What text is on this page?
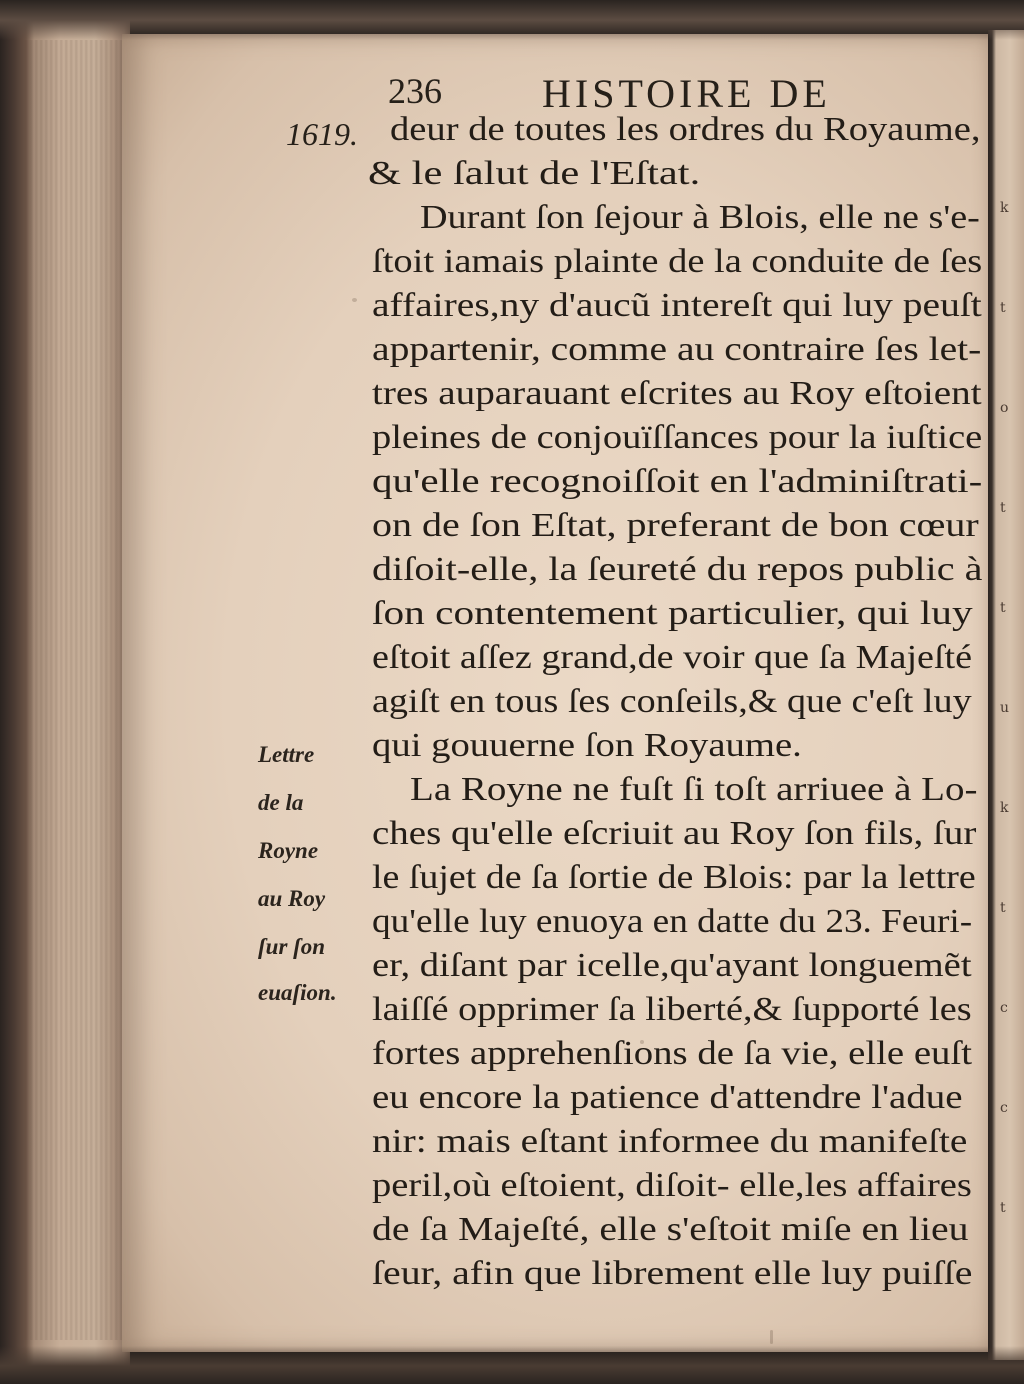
236	HISTOIRE DE
1619. deur de toutes les ordres du Royaume,
& le ſalut de l'Eſtat.
Durant ſon ſejour à Blois, elle ne s'e-
ſtoit iamais plainte de la conduite de ſes
affaires,ny d'aucũ intereſt qui luy peuſt
appartenir, comme au contraire ſes let-
tres auparauant eſcrites au Roy eſtoient
pleines de conjouïſſances pour la iuſtice
qu'elle recognoiſſoit en l'adminiſtrati-
on de ſon Eſtat, preferant de bon cœur
diſoit-elle, la ſeureté du repos public à
ſon contentement particulier, qui luy
eſtoit aſſez grand,de voir que ſa Majeſté
agiſt en tous ſes conſeils,& que c'eſt luy
qui gouuerne ſon Royaume.
La Royne ne fuſt ſi toſt arriuee à Lo-
ches qu'elle eſcriuit au Roy ſon fils, ſur
le ſujet de ſa ſortie de Blois: par la lettre
qu'elle luy enuoya en datte du 23. Feuri-
er, diſant par icelle,qu'ayant longuemẽt
laiſſé opprimer ſa liberté,& ſupporté les
fortes apprehenſions de ſa vie, elle euſt
eu encore la patience d'attendre l'adue
nir: mais eſtant informee du manifeſte
peril,où eſtoient, diſoit- elle,les affaires
de ſa Majeſté, elle s'eſtoit miſe en lieu
ſeur, afin que librement elle luy puiſſe
Lettre
de la
Royne
au Roy
ſur ſon
euaſion.
k
t
o
t
t
u
k
t
c
c
t
